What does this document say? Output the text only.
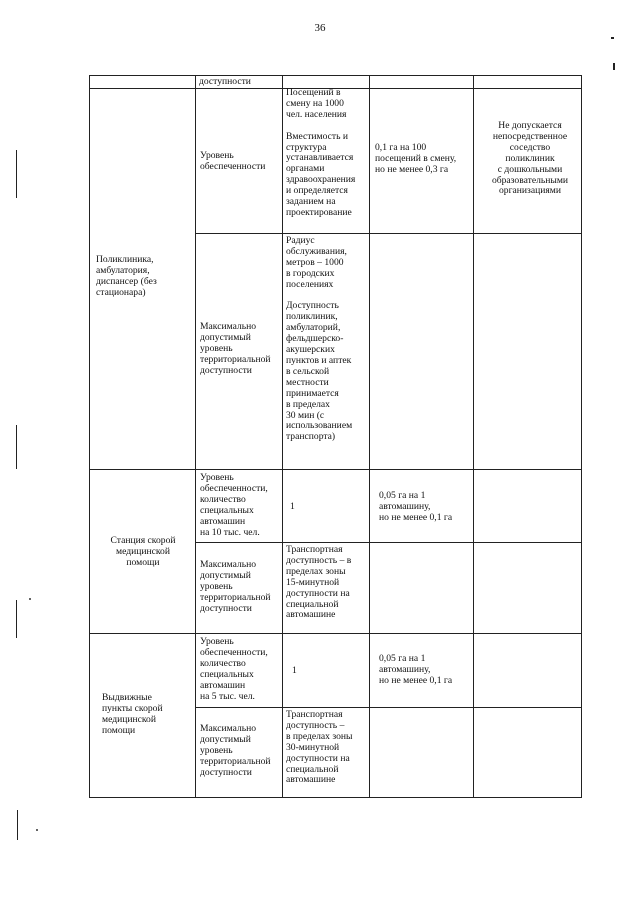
36
доступности
Поликлиника,
амбулатория,
диспансер (без
стационара)
Уровень
обеспеченности
Посещений в
смену на 1000
чел. населения

Вместимость и
структура
устанавливается
органами
здравоохранения
и определяется
заданием на
проектирование
0,1 га на 100
посещений в смену,
но не менее 0,3 га
Не допускается
непосредственное
соседство
поликлиник
с дошкольными
образовательными
организациями
Максимально
допустимый
уровень
территориальной
доступности
Радиус
обслуживания,
метров – 1000
в городских
поселениях

Доступность
поликлиник,
амбулаторий,
фельдшерско-
акушерских
пунктов и аптек
в сельской
местности
принимается
в пределах
30 мин (с
использованием
транспорта)
Станция скорой
медицинской
помощи
Уровень
обеспеченности,
количество
специальных
автомашин
на 10 тыс. чел.
1
0,05 га на 1
автомашину,
но не менее 0,1 га
Максимально
допустимый
уровень
территориальной
доступности
Транспортная
доступность – в
пределах зоны
15-минутной
доступности на
специальной
автомашине
Выдвижные
пункты скорой
медицинской
помощи
Уровень
обеспеченности,
количество
специальных
автомашин
на 5 тыс. чел.
1
0,05 га на 1
автомашину,
но не менее 0,1 га
Максимально
допустимый
уровень
территориальной
доступности
Транспортная
доступность –
в пределах зоны
30-минутной
доступности на
специальной
автомашине
